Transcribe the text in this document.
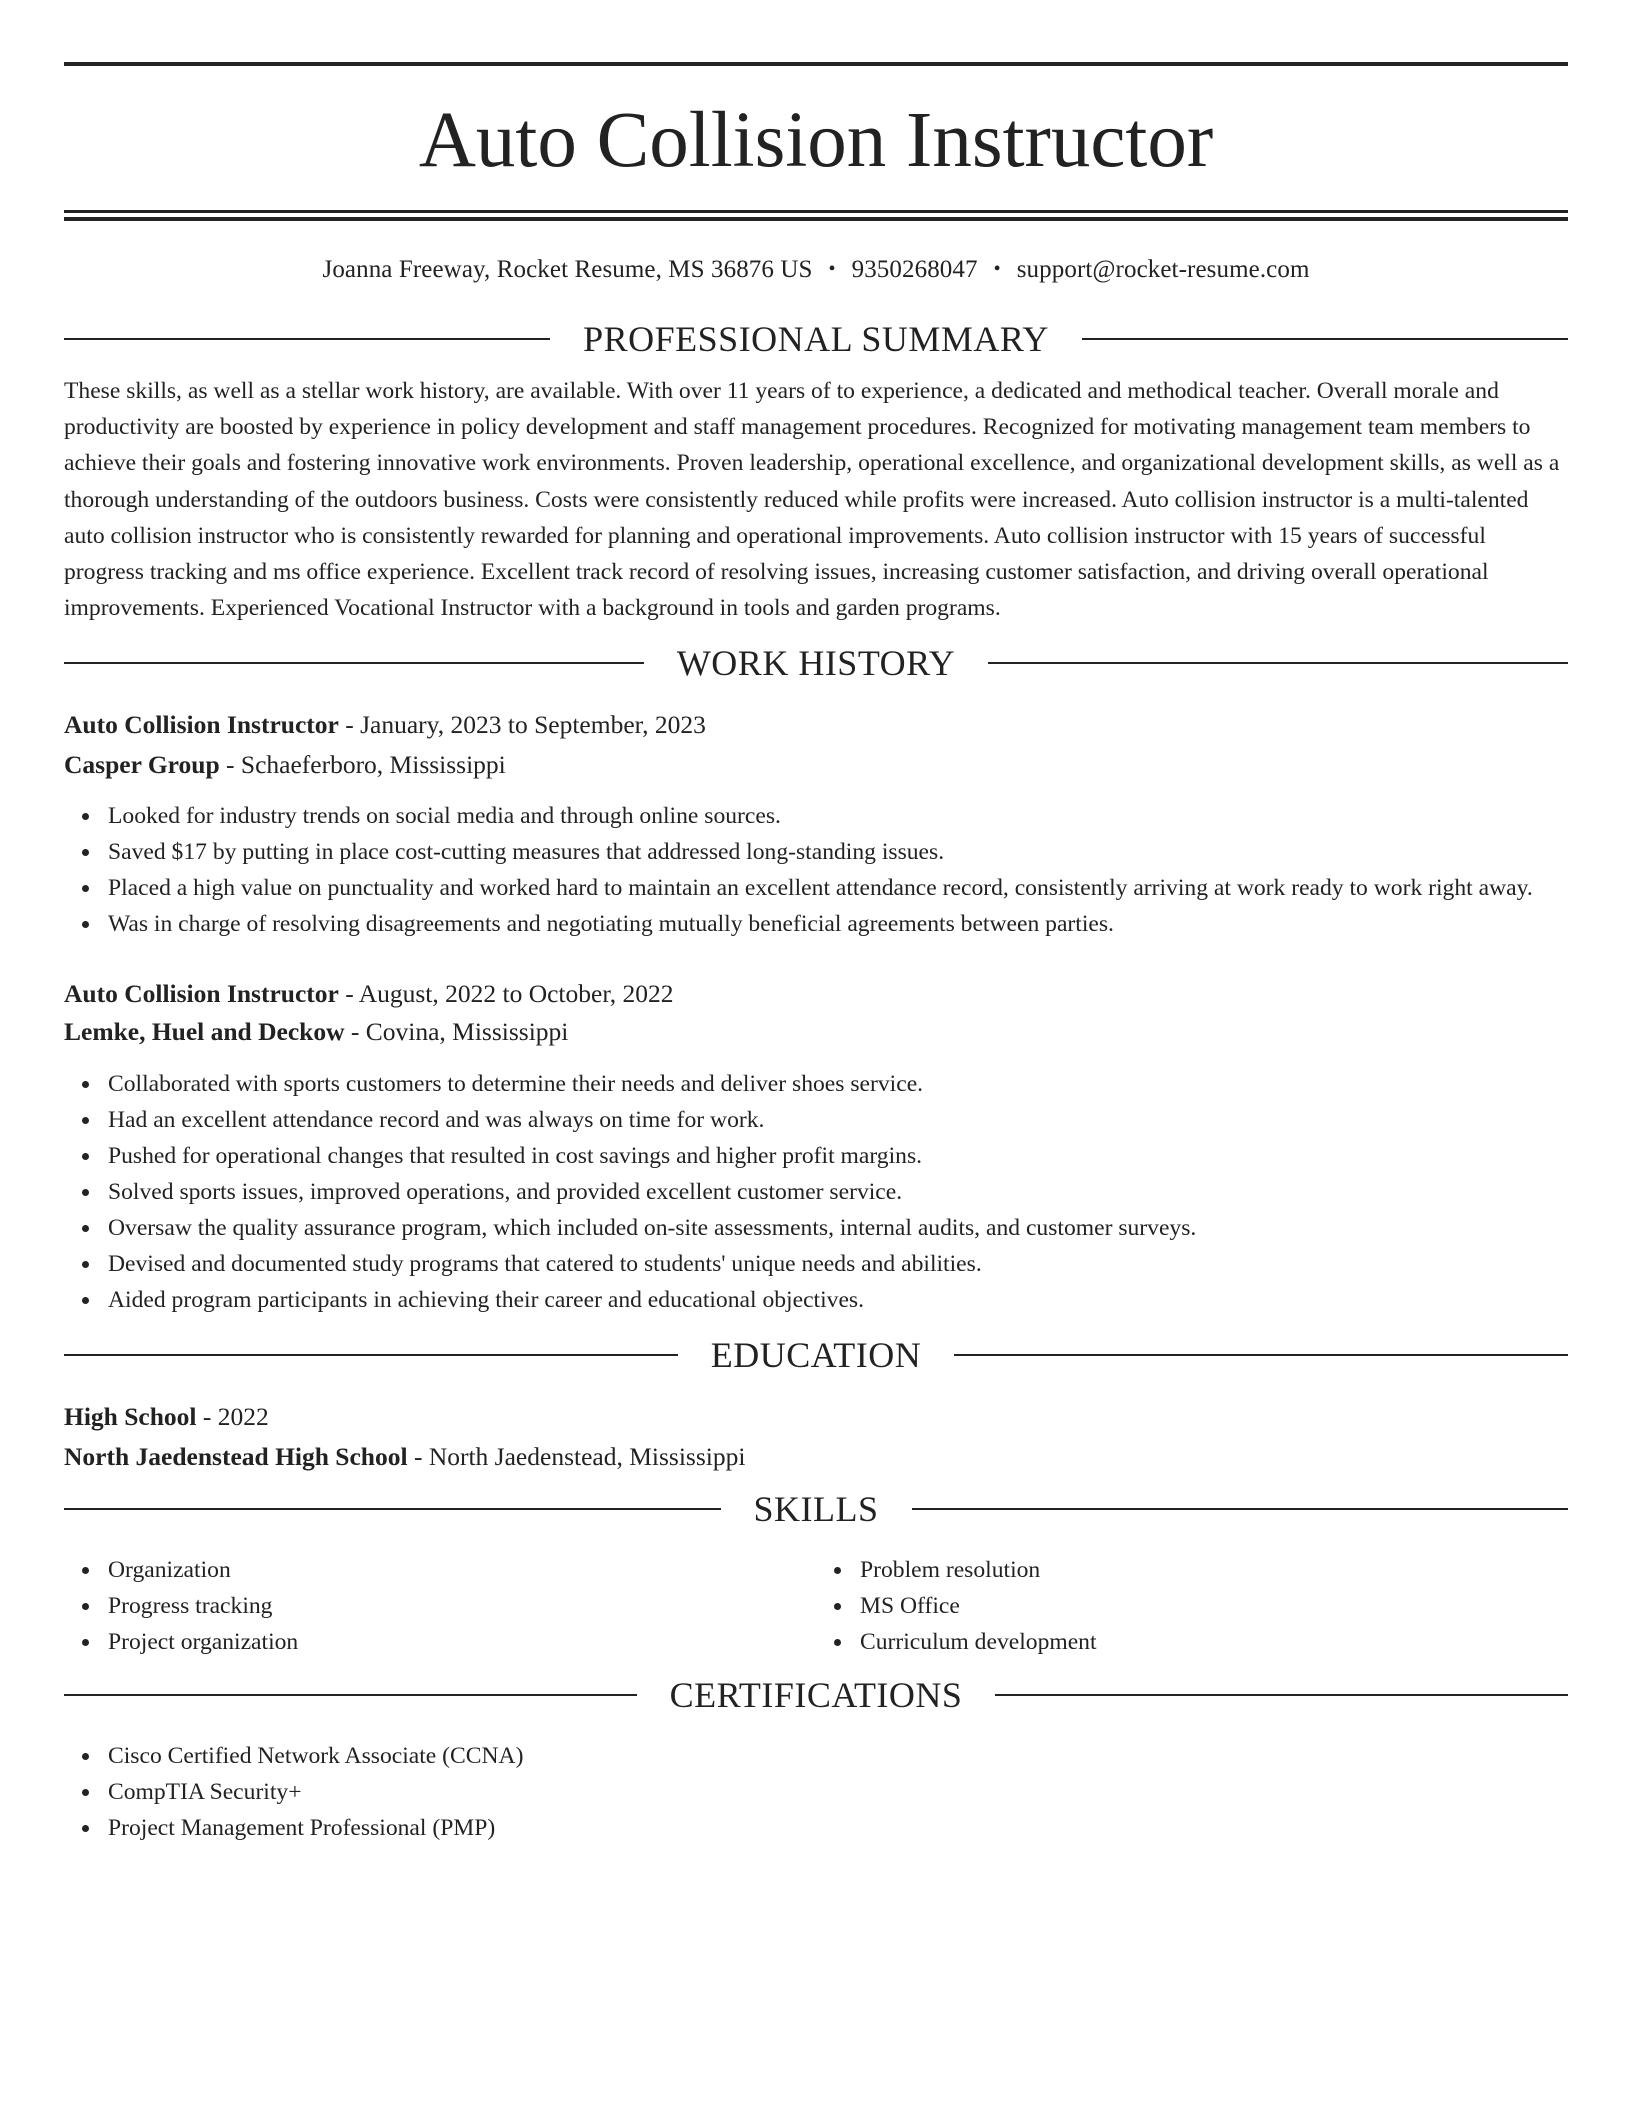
Auto Collision Instructor
Joanna Freeway, Rocket Resume, MS 36876 US • 9350268047 • support@rocket-resume.com
PROFESSIONAL SUMMARY

These skills, as well as a stellar work history, are available. With over 11 years of to experience, a dedicated and methodical teacher. Overall morale and productivity are boosted by experience in policy development and staff management procedures. Recognized for motivating management team members to achieve their goals and fostering innovative work environments. Proven leadership, operational excellence, and organizational development skills, as well as a thorough understanding of the outdoors business. Costs were consistently reduced while profits were increased. Auto collision instructor is a multi-talented auto collision instructor who is consistently rewarded for planning and operational improvements. Auto collision instructor with 15 years of successful progress tracking and ms office experience. Excellent track record of resolving issues, increasing customer satisfaction, and driving overall operational improvements. Experienced Vocational Instructor with a background in tools and garden programs.

WORK HISTORY
Auto Collision Instructor - January, 2023 to September, 2023
Casper Group - Schaeferboro, Mississippi
Looked for industry trends on social media and through online sources.
Saved $17 by putting in place cost-cutting measures that addressed long-standing issues.
Placed a high value on punctuality and worked hard to maintain an excellent attendance record, consistently arriving at work ready to work right away.
Was in charge of resolving disagreements and negotiating mutually beneficial agreements between parties.
Auto Collision Instructor - August, 2022 to October, 2022
Lemke, Huel and Deckow - Covina, Mississippi
Collaborated with sports customers to determine their needs and deliver shoes service.
Had an excellent attendance record and was always on time for work.
Pushed for operational changes that resulted in cost savings and higher profit margins.
Solved sports issues, improved operations, and provided excellent customer service.
Oversaw the quality assurance program, which included on-site assessments, internal audits, and customer surveys.
Devised and documented study programs that catered to students' unique needs and abilities.
Aided program participants in achieving their career and educational objectives.
EDUCATION
High School - 2022
North Jaedenstead High School - North Jaedenstead, Mississippi
SKILLS
Organization
Progress tracking
Project organization
Problem resolution
MS Office
Curriculum development
CERTIFICATIONS
Cisco Certified Network Associate (CCNA)
CompTIA Security+
Project Management Professional (PMP)
